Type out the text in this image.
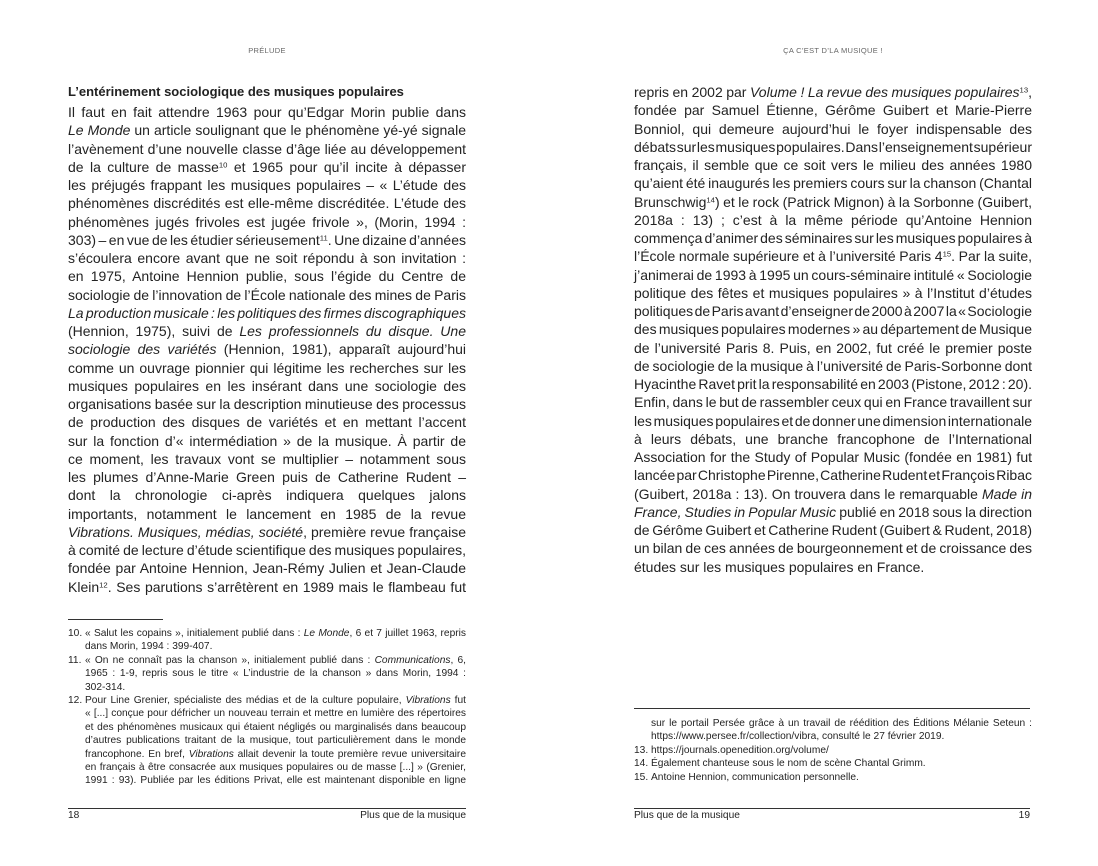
PRÉLUDE
L’entérinement sociologique des musiques populaires
Il faut en fait attendre 1963 pour qu’Edgar Morin publie dans
Le Monde un article soulignant que le phénomène yé-yé signale
l’avènement d’une nouvelle classe d’âge liée au développement
de la culture de masse$^{10}$ et 1965 pour qu’il incite à dépasser
les préjugés frappant les musiques populaires – « L’étude des
phénomènes discrédités est elle-même discréditée. L’étude des
phénomènes jugés frivoles est jugée frivole », (Morin, 1994 :
303) – en vue de les étudier sérieusement$^{11}$. Une dizaine d’années
s’écoulera encore avant que ne soit répondu à son invitation :
en 1975, Antoine Hennion publie, sous l’égide du Centre de
sociologie de l’innovation de l’École nationale des mines de Paris
La production musicale : les politiques des firmes discographiques
(Hennion, 1975), suivi de Les professionnels du disque. Une
sociologie des variétés (Hennion, 1981), apparaît aujourd’hui
comme un ouvrage pionnier qui légitime les recherches sur les
musiques populaires en les insérant dans une sociologie des
organisations basée sur la description minutieuse des processus
de production des disques de variétés et en mettant l’accent
sur la fonction d’« intermédiation » de la musique. À partir de
ce moment, les travaux vont se multiplier – notamment sous
les plumes d’Anne-Marie Green puis de Catherine Rudent –
dont la chronologie ci-après indiquera quelques jalons
importants, notamment le lancement en 1985 de la revue
Vibrations. Musiques, médias, société, première revue française
à comité de lecture d’étude scientifique des musiques populaires,
fondée par Antoine Hennion, Jean-Rémy Julien et Jean-Claude
Klein$^{12}$. Ses parutions s’arrêtèrent en 1989 mais le flambeau fut
10. « Salut les copains », initialement publié dans : Le Monde, 6 et 7 juillet 1963, repris
dans Morin, 1994 : 399-407.
11. « On ne connaît pas la chanson », initialement publié dans : Communications, 6,
1965 : 1-9, repris sous le titre « L’industrie de la chanson » dans Morin, 1994 :
302-314.
12. Pour Line Grenier, spécialiste des médias et de la culture populaire, Vibrations fut
« [...] conçue pour défricher un nouveau terrain et mettre en lumière des répertoires
et des phénomènes musicaux qui étaient négligés ou marginalisés dans beaucoup
d’autres publications traitant de la musique, tout particulièrement dans le monde
francophone. En bref, Vibrations allait devenir la toute première revue universitaire
en français à être consacrée aux musiques populaires ou de masse [...] » (Grenier,
1991 : 93). Publiée par les éditions Privat, elle est maintenant disponible en ligne
18	Plus que de la musique
ÇA C’EST D’LA MUSIQUE !
repris en 2002 par Volume ! La revue des musiques populaires$^{13}$,
fondée par Samuel Étienne, Gérôme Guibert et Marie-Pierre
Bonniol, qui demeure aujourd’hui le foyer indispensable des
débats sur les musiques populaires. Dans l’enseignement supérieur
français, il semble que ce soit vers le milieu des années 1980
qu’aient été inaugurés les premiers cours sur la chanson (Chantal
Brunschwig$^{14}$) et le rock (Patrick Mignon) à la Sorbonne (Guibert,
2018a : 13) ; c’est à la même période qu’Antoine Hennion
commença d’animer des séminaires sur les musiques populaires à
l’École normale supérieure et à l’université Paris $4^{15}$. Par la suite,
j’animerai de 1993 à 1995 un cours-séminaire intitulé « Sociologie
politique des fêtes et musiques populaires » à l’Institut d’études
politiques de Paris avant d’enseigner de 2000 à 2007 la « Sociologie
des musiques populaires modernes » au département de Musique
de l’université Paris 8. Puis, en 2002, fut créé le premier poste
de sociologie de la musique à l’université de Paris-Sorbonne dont
Hyacinthe Ravet prit la responsabilité en 2003 (Pistone, 2012 : 20).
Enfin, dans le but de rassembler ceux qui en France travaillent sur
les musiques populaires et de donner une dimension internationale
à leurs débats, une branche francophone de l’International
Association for the Study of Popular Music (fondée en 1981) fut
lancée par Christophe Pirenne, Catherine Rudent et François Ribac
(Guibert, 2018a : 13). On trouvera dans le remarquable Made in
France, Studies in Popular Music publié en 2018 sous la direction
de Gérôme Guibert et Catherine Rudent (Guibert & Rudent, 2018)
un bilan de ces années de bourgeonnement et de croissance des
études sur les musiques populaires en France.
sur le portail Persée grâce à un travail de réédition des Éditions Mélanie Seteun :
https://www.persee.fr/collection/vibra, consulté le 27 février 2019.
13. https://journals.openedition.org/volume/
14. Également chanteuse sous le nom de scène Chantal Grimm.
15. Antoine Hennion, communication personnelle.
Plus que de la musique	19
